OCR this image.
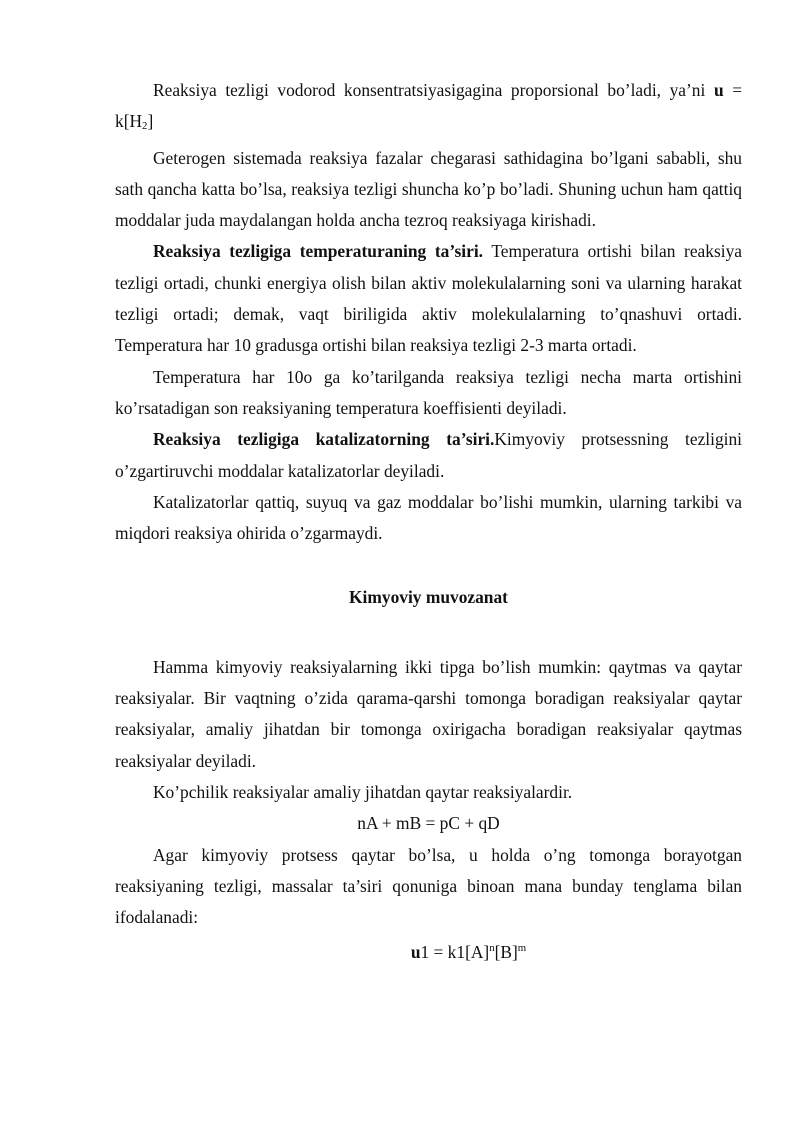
Reaksiya tezligi vodorod konsentratsiyasigagina proporsional bo’ladi, ya’ni $u = k[H_2]$

Geterogen sistemada reaksiya fazalar chegarasi sathidagina bo’lgani sababli, shu sath qancha katta bo’lsa, reaksiya tezligi shuncha ko’p bo’ladi. Shuning uchun ham qattiq moddalar juda maydalangan holda ancha tezroq reaksiyaga kirishadi.

Reaksiya tezligiga temperaturaning ta’siri. Temperatura ortishi bilan reaksiya tezligi ortadi, chunki energiya olish bilan aktiv molekulalarning soni va ularning harakat tezligi ortadi; demak, vaqt biriligida aktiv molekulalarning to’qnashuvi ortadi. Temperatura har 10 gradusga ortishi bilan reaksiya tezligi 2-3 marta ortadi.

Temperatura har 10o ga ko’tarilganda reaksiya tezligi necha marta ortishini ko’rsatadigan son reaksiyaning temperatura koeffisienti deyiladi.

Reaksiya tezligiga katalizatorning ta’siri.Kimyoviy protsessning tezligini o’zgartiruvchi moddalar katalizatorlar deyiladi.

Katalizatorlar qattiq, suyuq va gaz moddalar bo’lishi mumkin, ularning tarkibi va miqdori reaksiya ohirida o’zgarmaydi.

Kimyoviy muvozanat

Hamma kimyoviy reaksiyalarning ikki tipga bo’lish mumkin: qaytmas va qaytar reaksiyalar. Bir vaqtning o’zida qarama-qarshi tomonga boradigan reaksiyalar qaytar reaksiyalar, amaliy jihatdan bir tomonga oxirigacha boradigan reaksiyalar qaytmas reaksiyalar deyiladi.

Ko’pchilik reaksiyalar amaliy jihatdan qaytar reaksiyalardir.

nA + mB = pC + qD

Agar kimyoviy protsess qaytar bo’lsa, u holda o’ng tomonga borayotgan reaksiyaning tezligi, massalar ta’siri qonuniga binoan mana bunday tenglama bilan ifodalanadi:

$u1 = k1[A]^n[B]^m$
